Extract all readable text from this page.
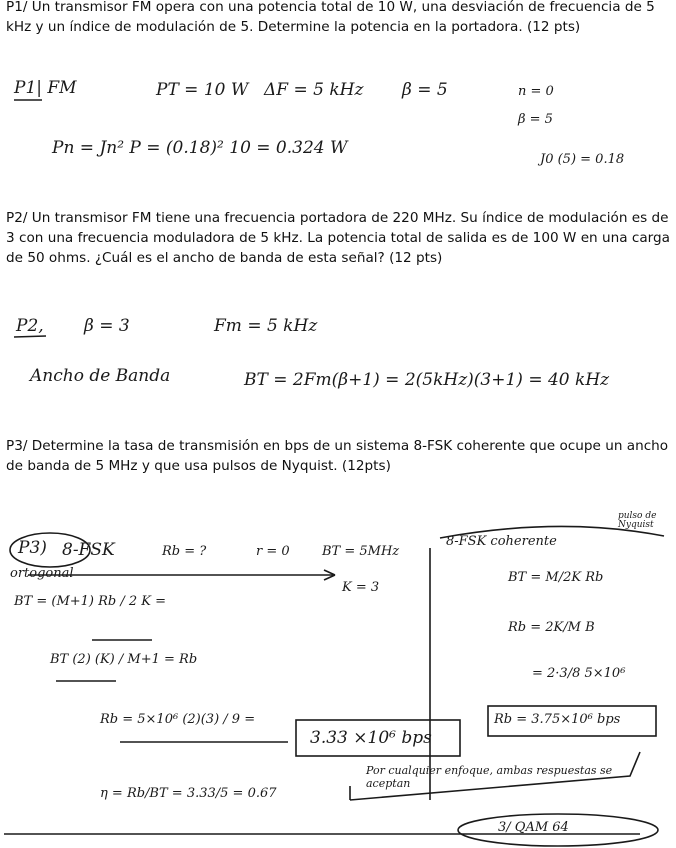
P1/ Un transmisor FM opera con una potencia total de 10 W, una desviación de frecuencia de 5 kHz y un índice de modulación de 5. Determine la potencia en la portadora. (12 pts)
P2/ Un transmisor FM tiene una frecuencia portadora de 220 MHz. Su índice de modulación es de 3 con una frecuencia moduladora de 5 kHz. La potencia total de salida es de 100 W en una carga de 50 ohms. ¿Cuál es el ancho de banda de esta señal? (12 pts)
P3/ Determine la tasa de transmisión en bps de un sistema 8-FSK coherente que ocupe un ancho de banda de 5 MHz y que usa pulsos de Nyquist. (12pts)
P1| FM	PT = 10 W ΔF = 5 kHz β = 5	n = 0
β = 5
Pn = Jn² P = (0.18)² 10 = 0.324 W
J0 (5) = 0.18
P2, β = 3	Fm = 5 kHz
Ancho de Banda	BT = 2Fm(β+1) = 2(5kHz)(3+1) = 40 kHz
P3) 8-FSK	Rb = ?	r = 0 BT = 5MHz
ortogonal
K = 3
BT = (M+1) Rb / 2 K =
BT (2) (K) / M+1 = Rb
Rb = 5×10⁶ (2)(3) / 9 =
3.33 ×10⁶ bps
η = Rb/BT = 3.33/5 = 0.67
8-FSK coherente
pulso de Nyquist
BT = M/2K Rb
Rb = 2K/M B
= 2·3/8 5×10⁶
Rb = 3.75×10⁶ bps
Por cualquier enfoque, ambas respuestas se aceptan
3/ QAM 64
